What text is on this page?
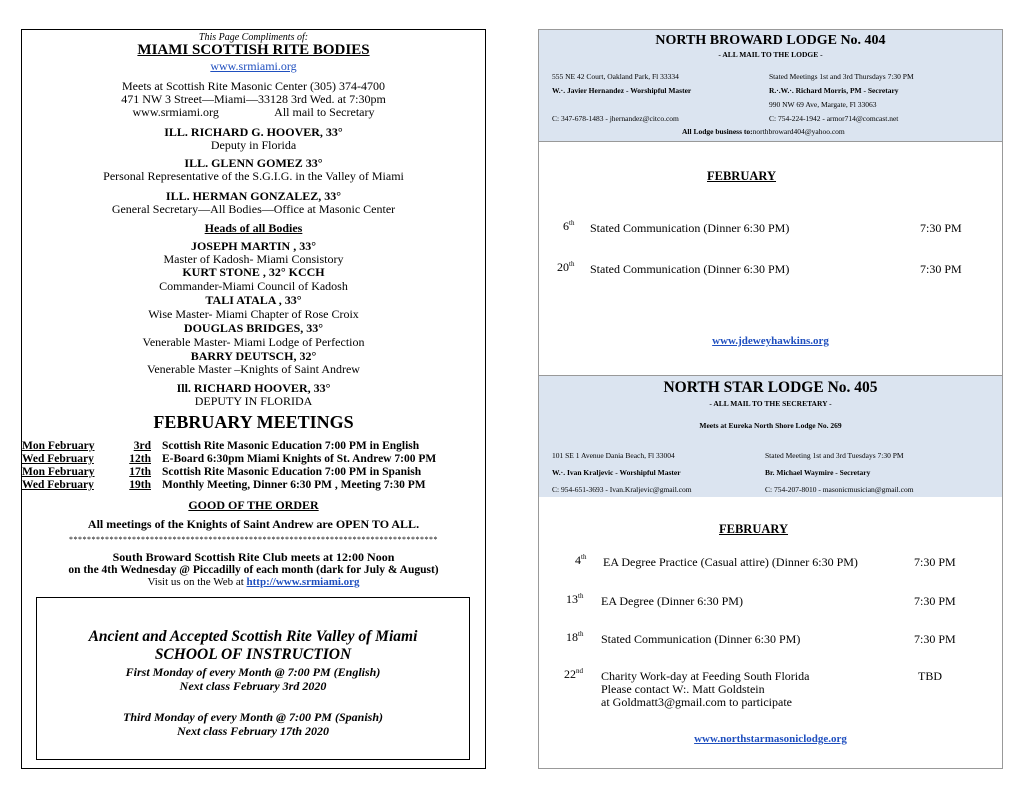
This Page Compliments of:
MIAMI SCOTTISH RITE BODIES
www.srmiami.org
Meets at Scottish Rite Masonic Center (305) 374-4700
471 NW 3 Street—Miami—33128 3rd Wed. at 7:30pm
www.srmiami.org	All mail to Secretary
ILL. RICHARD G. HOOVER, 33°
Deputy in Florida
ILL. GLENN GOMEZ 33°
Personal Representative of the S.G.I.G. in the Valley of Miami
ILL. HERMAN GONZALEZ, 33°
General Secretary—All Bodies—Office at Masonic Center
Heads of all Bodies
JOSEPH MARTIN , 33°
Master of Kadosh- Miami Consistory
KURT STONE , 32° KCCH
Commander-Miami Council of Kadosh
TALI ATALA , 33°
Wise Master- Miami Chapter of Rose Croix
DOUGLAS BRIDGES, 33°
Venerable Master- Miami Lodge of Perfection
BARRY DEUTSCH, 32°
Venerable Master –Knights of Saint Andrew
Ill. RICHARD HOOVER, 33°
DEPUTY IN FLORIDA
FEBRUARY MEETINGS
Mon February	3rd Scottish Rite Masonic Education 7:00 PM in English
Wed February	12th E-Board 6:30pm Miami Knights of St. Andrew 7:00 PM
Mon February	17th Scottish Rite Masonic Education 7:00 PM in Spanish
Wed February	19th Monthly Meeting, Dinner 6:30 PM , Meeting 7:30 PM
GOOD OF THE ORDER
All meetings of the Knights of Saint Andrew are OPEN TO ALL.
**********************************************************************************
South Broward Scottish Rite Club meets at 12:00 Noon
on the 4th Wednesday @ Piccadilly of each month (dark for July & August)
Visit us on the Web at http://www.srmiami.org
Ancient and Accepted Scottish Rite Valley of Miami
SCHOOL OF INSTRUCTION
First Monday of every Month @ 7:00 PM (English)
Next class February 3rd 2020
Third Monday of every Month @ 7:00 PM (Spanish)
Next class February 17th 2020
NORTH BROWARD LODGE No. 404
- ALL MAIL TO THE LODGE -
555 NE 42 Court, Oakland Park, Fl 33334
W.·. Javier Hernandez - Worshipful Master
C: 347-678-1483 - jhernandez@citco.com
Stated Meetings 1st and 3rd Thursdays 7:30 PM
R.·.W.·. Richard Morris, PM - Secretary
990 NW 69 Ave, Margate, Fl 33063
C: 754-224-1942 - armor714@comcast.net
All Lodge business to:northbroward404@yahoo.com
FEBRUARY
6th Stated Communication (Dinner 6:30 PM)	7:30 PM
20th Stated Communication (Dinner 6:30 PM)	7:30 PM
www.jdeweyhawkins.org
NORTH STAR LODGE No. 405
- ALL MAIL TO THE SECRETARY -
Meets at Eureka North Shore Lodge No. 269
101 SE 1 Avenue Dania Beach, Fl 33004
W.·. Ivan Kraljevic - Worshipful Master
C: 954-651-3693 - Ivan.Kraljevic@gmail.com
Stated Meeting 1st and 3rd Tuesdays 7:30 PM
Br. Michael Waymire - Secretary
C: 754-207-8010 - masonicmusician@gmail.com
FEBRUARY
4th EA Degree Practice (Casual attire) (Dinner 6:30 PM)	7:30 PM
13th EA Degree (Dinner 6:30 PM)	7:30 PM
18th Stated Communication (Dinner 6:30 PM)	7:30 PM
22nd Charity Work-day at Feeding South Florida	TBD
Please contact W:. Matt Goldstein
at Goldmatt3@gmail.com to participate
www.northstarmasoniclodge.org
